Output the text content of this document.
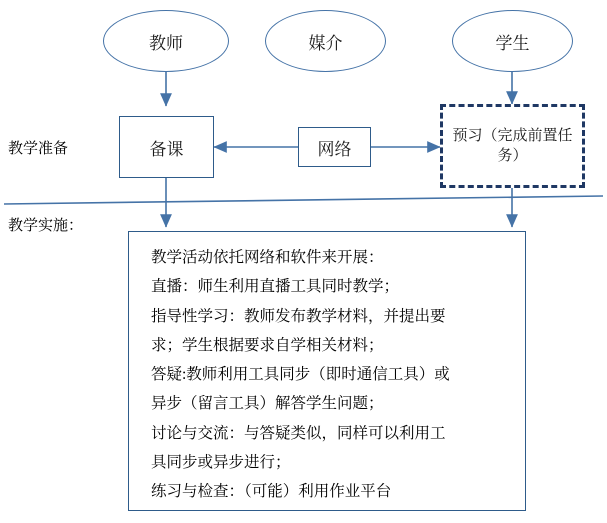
教师	媒介	学生
教学准备
教学实施：
备课	网络
预习（完成前置任务）

教学活动依托网络和软件来开展：

直播：师生利用直播工具同时教学；

指导性学习：教师发布教学材料，并提出要

求；学生根据要求自学相关材料；

答疑:教师利用工具同步（即时通信工具）或

异步（留言工具）解答学生问题；

讨论与交流：与答疑类似，同样可以利用工

具同步或异步进行；

练习与检查：（可能）利用作业平台
